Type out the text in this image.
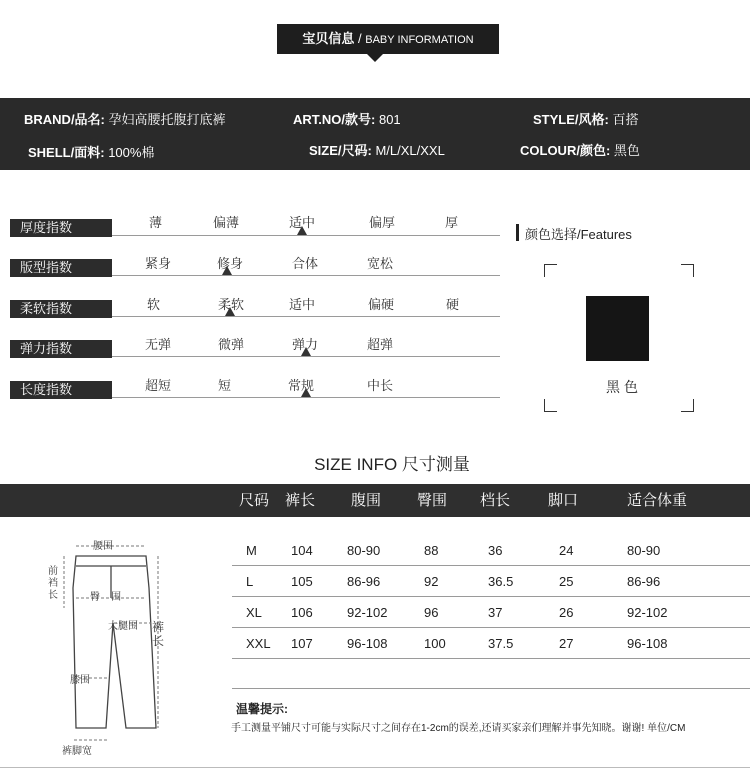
宝贝信息 / BABY INFORMATION
BRAND/品名: 孕妇高腰托腹打底裤	ART.NO/款号: 801	STYLE/风格: 百搭
SHELL/面料: 100%棉	SIZE/尺码: M/L/XL/XXL	COLOUR/颜色: 黑色
厚度指数	薄	偏薄	适中	偏厚	厚
版型指数	紧身	修身	合体	宽松
柔软指数	软	柔软	适中	偏硬	硬
弹力指数	无弹	微弹	弹力	超弹
长度指数	超短	短	常规	中长
颜色选择/Features
黑色
SIZE INFO 尺寸测量
尺码 裤长 腹围 臀围 档长	脚口	适合体重
M	104	80-90	88	36	24	80-90
L	105	86-96	92	36.5	25	86-96
XL 106	92-102	96	37	26	92-102
XXL 107	96-108	100	37.5	27	96-108
腰围
前
裆
长	臀    围
大腿围 裤
长
膝围
裤脚宽
温馨提示:
手工测量平铺尺寸可能与实际尺寸之间存在1-2cm的误差,还请买家亲们理解并事先知晓。谢谢! 单位/CM
